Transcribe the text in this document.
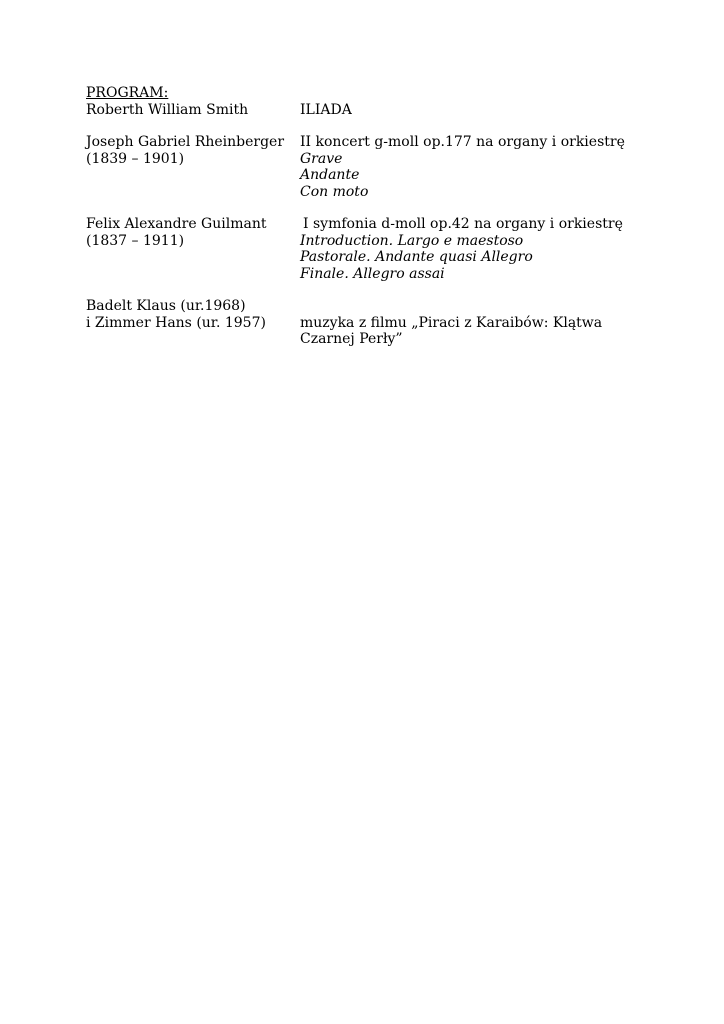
PROGRAM:
Roberth William Smith	ILIADA
Joseph Gabriel Rheinberger
(1839 – 1901)
II koncert g-moll op.177 na organy i orkiestrę
Grave
Andante
Con moto
Felix Alexandre Guilmant
(1837 – 1911)
I symfonia d-moll op.42 na organy i orkiestrę
Introduction. Largo e maestoso
Pastorale. Andante quasi Allegro
Finale. Allegro assai
Badelt Klaus (ur.1968)
i Zimmer Hans (ur. 1957)	muzyka z filmu „Piraci z Karaibów: Klątwa Czarnej Perły”
